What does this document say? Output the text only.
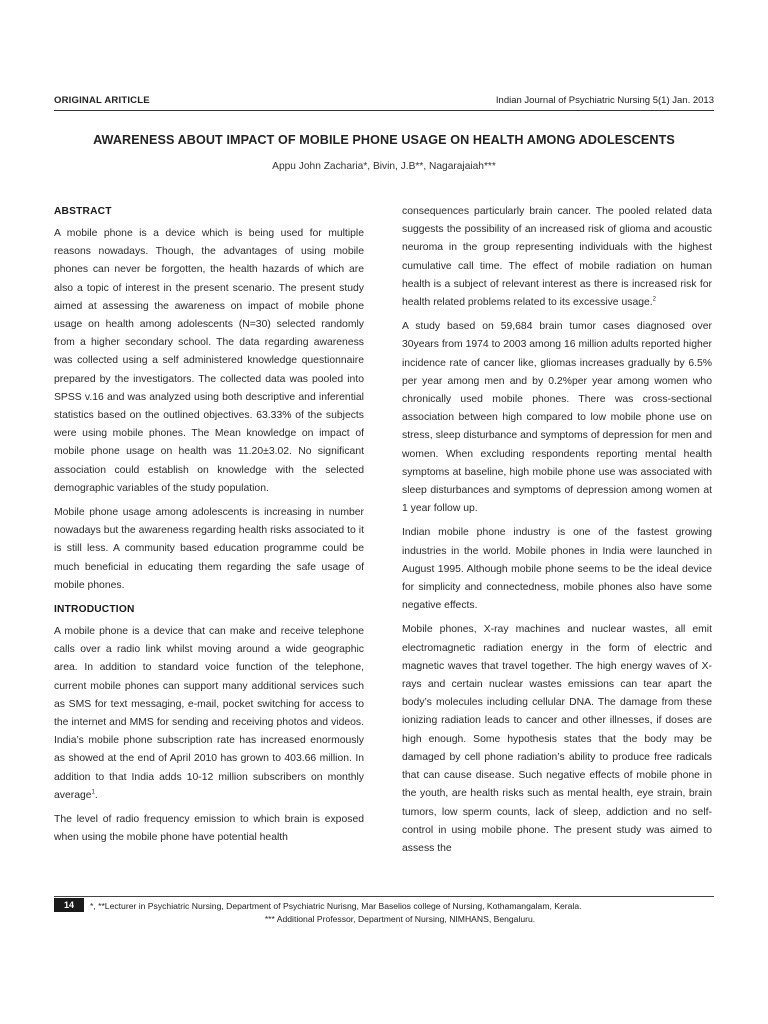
ORIGINAL ARITICLE	Indian Journal of Psychiatric Nursing 5(1) Jan. 2013
AWARENESS ABOUT IMPACT OF MOBILE PHONE USAGE ON HEALTH AMONG ADOLESCENTS
Appu John Zacharia*, Bivin, J.B**, Nagarajaiah***
ABSTRACT

A mobile phone is a device which is being used for multiple reasons nowadays. Though, the advantages of using mobile phones can never be forgotten, the health hazards of which are also a topic of interest in the present scenario. The present study aimed at assessing the awareness on impact of mobile phone usage on health among adolescents (N=30) selected randomly from a higher secondary school. The data regarding awareness was collected using a self administered knowledge questionnaire prepared by the investigators. The collected data was pooled into SPSS v.16 and was analyzed using both descriptive and inferential statistics based on the outlined objectives. 63.33% of the subjects were using mobile phones. The Mean knowledge on impact of mobile phone usage on health was 11.20±3.02. No significant association could establish on knowledge with the selected demographic variables of the study population.

Mobile phone usage among adolescents is increasing in number nowadays but the awareness regarding health risks associated to it is still less. A community based education programme could be much beneficial in educating them regarding the safe usage of mobile phones.

INTRODUCTION

A mobile phone is a device that can make and receive telephone calls over a radio link whilst moving around a wide geographic area. In addition to standard voice function of the telephone, current mobile phones can support many additional services such as SMS for text messaging, e-mail, pocket switching for access to the internet and MMS for sending and receiving photos and videos. India’s mobile phone subscription rate has increased enormously as showed at the end of April 2010 has grown to 403.66 million. In addition to that India adds 10-12 million subscribers on monthly average$^1$.

The level of radio frequency emission to which brain is exposed when using the mobile phone have potential health

consequences particularly brain cancer. The pooled related data suggests the possibility of an increased risk of glioma and acoustic neuroma in the group representing individuals with the highest cumulative call time. The effect of mobile radiation on human health is a subject of relevant interest as there is increased risk for health related problems related to its excessive usage.$^2$

A study based on 59,684 brain tumor cases diagnosed over 30years from 1974 to 2003 among 16 million adults reported higher incidence rate of cancer like, gliomas increases gradually by 6.5% per year among men and by 0.2%per year among women who chronically used mobile phones. There was cross-sectional association between high compared to low mobile phone use on stress, sleep disturbance and symptoms of depression for men and women. When excluding respondents reporting mental health symptoms at baseline, high mobile phone use was associated with sleep disturbances and symptoms of depression among women at 1 year follow up.

Indian mobile phone industry is one of the fastest growing industries in the world. Mobile phones in India were launched in August 1995. Although mobile phone seems to be the ideal device for simplicity and connectedness, mobile phones also have some negative effects.

Mobile phones, X-ray machines and nuclear wastes, all emit electromagnetic radiation energy in the form of electric and magnetic waves that travel together. The high energy waves of X- rays and certain nuclear wastes emissions can tear apart the body’s molecules including cellular DNA. The damage from these ionizing radiation leads to cancer and other illnesses, if doses are high enough. Some hypothesis states that the body may be damaged by cell phone radiation’s ability to produce free radicals that can cause disease. Such negative effects of mobile phone in the youth, are health risks such as mental health, eye strain, brain tumors, low sperm counts, lack of sleep, addiction and no self-control in using mobile phone. The present study was aimed to assess the

14	*, **Lecturer in Psychiatric Nursing, Department of Psychiatric Nurisng, Mar Baselios college of Nursing, Kothamangalam, Kerala.
*** Additional Professor, Department of Nursing, NIMHANS, Bengaluru.
